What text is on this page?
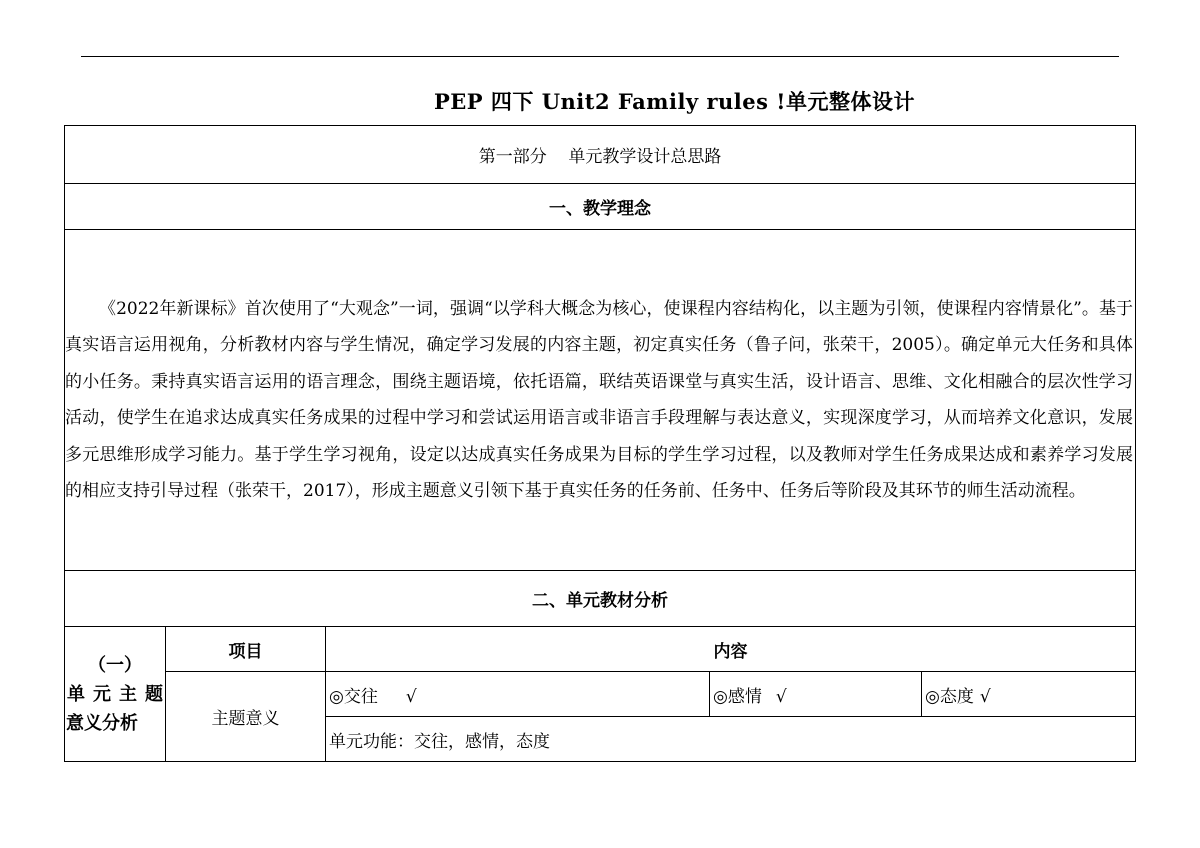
PEP 四下 Unit2 Family rules !单元整体设计
第一部分    单元教学设计总思路				
一、教学理念				

《2022年新课标》首次使用了“大观念”一词，强调“以学科大概念为核心，使课程内容结构化，以主题为引领，使课程内容情景化”。基于真实语言运用视角，分析教材内容与学生情况，确定学习发展的内容主题，初定真实任务（鲁子问，张荣干，2005）。确定单元大任务和具体的小任务。秉持真实语言运用的语言理念，围绕主题语境，依托语篇，联结英语课堂与真实生活，设计语言、思维、文化相融合的层次性学习活动，使学生在追求达成真实任务成果的过程中学习和尝试运用语言或非语言手段理解与表达意义，实现深度学习，从而培养文化意识，发展多元思维形成学习能力。基于学生学习视角，设定以达成真实任务成果为目标的学生学习过程，以及教师对学生任务成果达成和素养学习发展的相应支持引导过程（张荣干，2017），形成主题意义引领下基于真实任务的任务前、任务中、任务后等阶段及其环节的师生活动流程。				

二、单元教材分析				

（一）
单元主题
意义分析	项目	内容		
	主题意义	◎交往 √	◎感情 √	◎态度 √
		单元功能：交往，感情，态度		
